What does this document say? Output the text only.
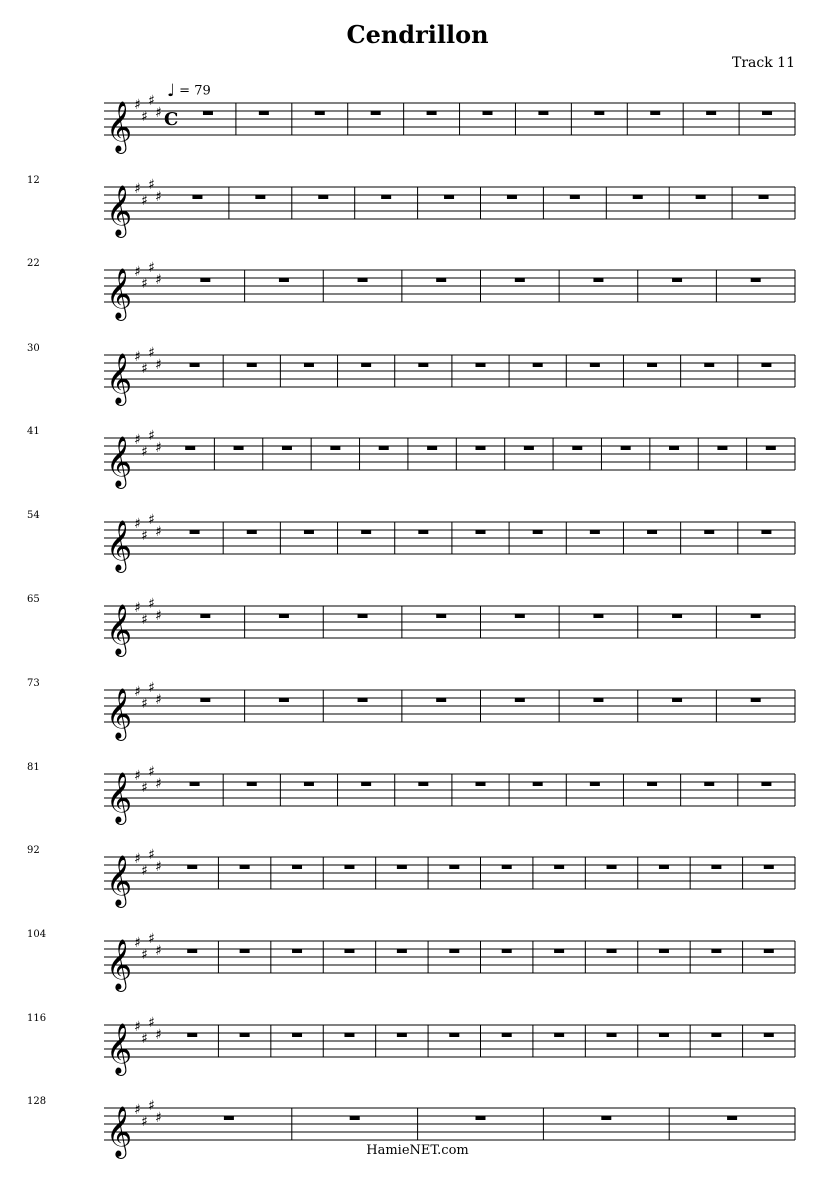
Cendrillon
Track 11
♩ = 79
𝄞 ♯
♯
♯
♯ C
12
𝄞 ♯
♯
♯
♯
22
𝄞 ♯
♯
♯
♯
30
𝄞 ♯
♯
♯
♯
41
𝄞 ♯
♯
♯
♯
54
𝄞 ♯
♯
♯
♯
65
𝄞 ♯
♯
♯
♯
73
𝄞 ♯
♯
♯
♯
81
𝄞 ♯
♯
♯
♯
92
𝄞 ♯
♯
♯
♯
104
𝄞 ♯
♯
♯
♯
116
𝄞 ♯
♯
♯
♯
128
𝄞 ♯
♯
♯
♯
HamieNET.com
